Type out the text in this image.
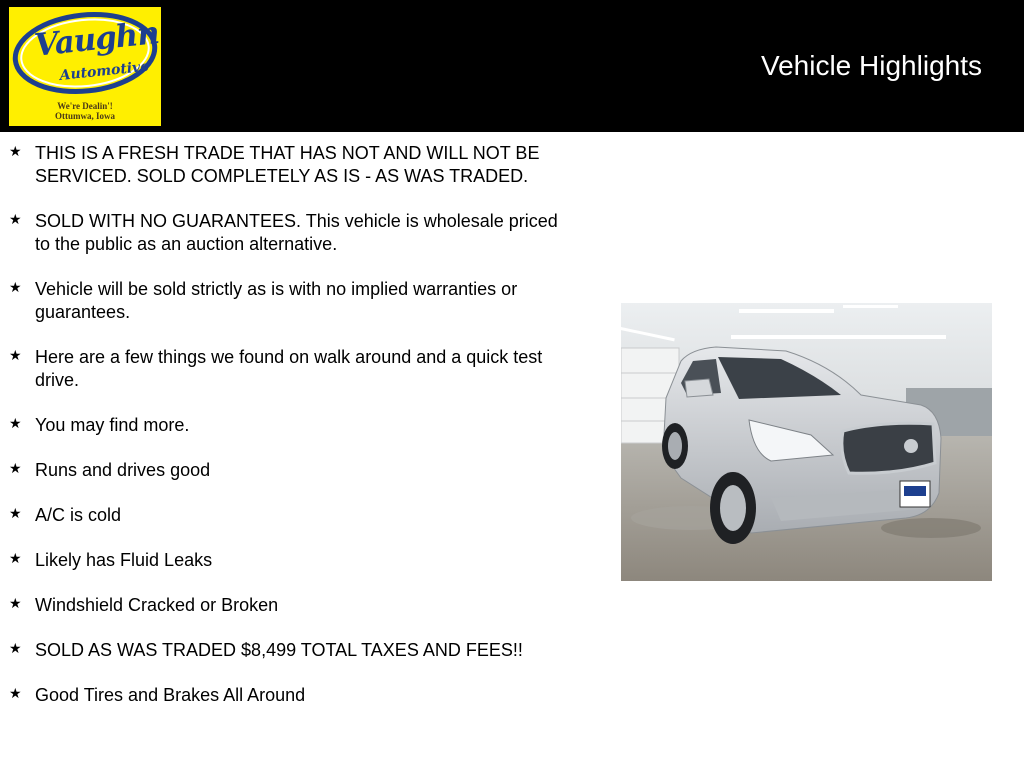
Vaughn
Automotive
We're Dealin'!
Ottumwa, Iowa
Vehicle Highlights
★ THIS IS A FRESH TRADE THAT HAS NOT AND WILL NOT BE SERVICED. SOLD COMPLETELY AS IS - AS WAS TRADED.
★ SOLD WITH NO GUARANTEES. This vehicle is wholesale priced to the public as an auction alternative.
★ Vehicle will be sold strictly as is with no implied warranties or guarantees.
★ Here are a few things we found on walk around and a quick test drive.
★ You may find more.
★ Runs and drives good
★ A/C is cold
★ Likely has Fluid Leaks
★ Windshield Cracked or Broken
★ SOLD AS WAS TRADED $8,499 TOTAL TAXES AND FEES!!
★ Good Tires and Brakes All Around
